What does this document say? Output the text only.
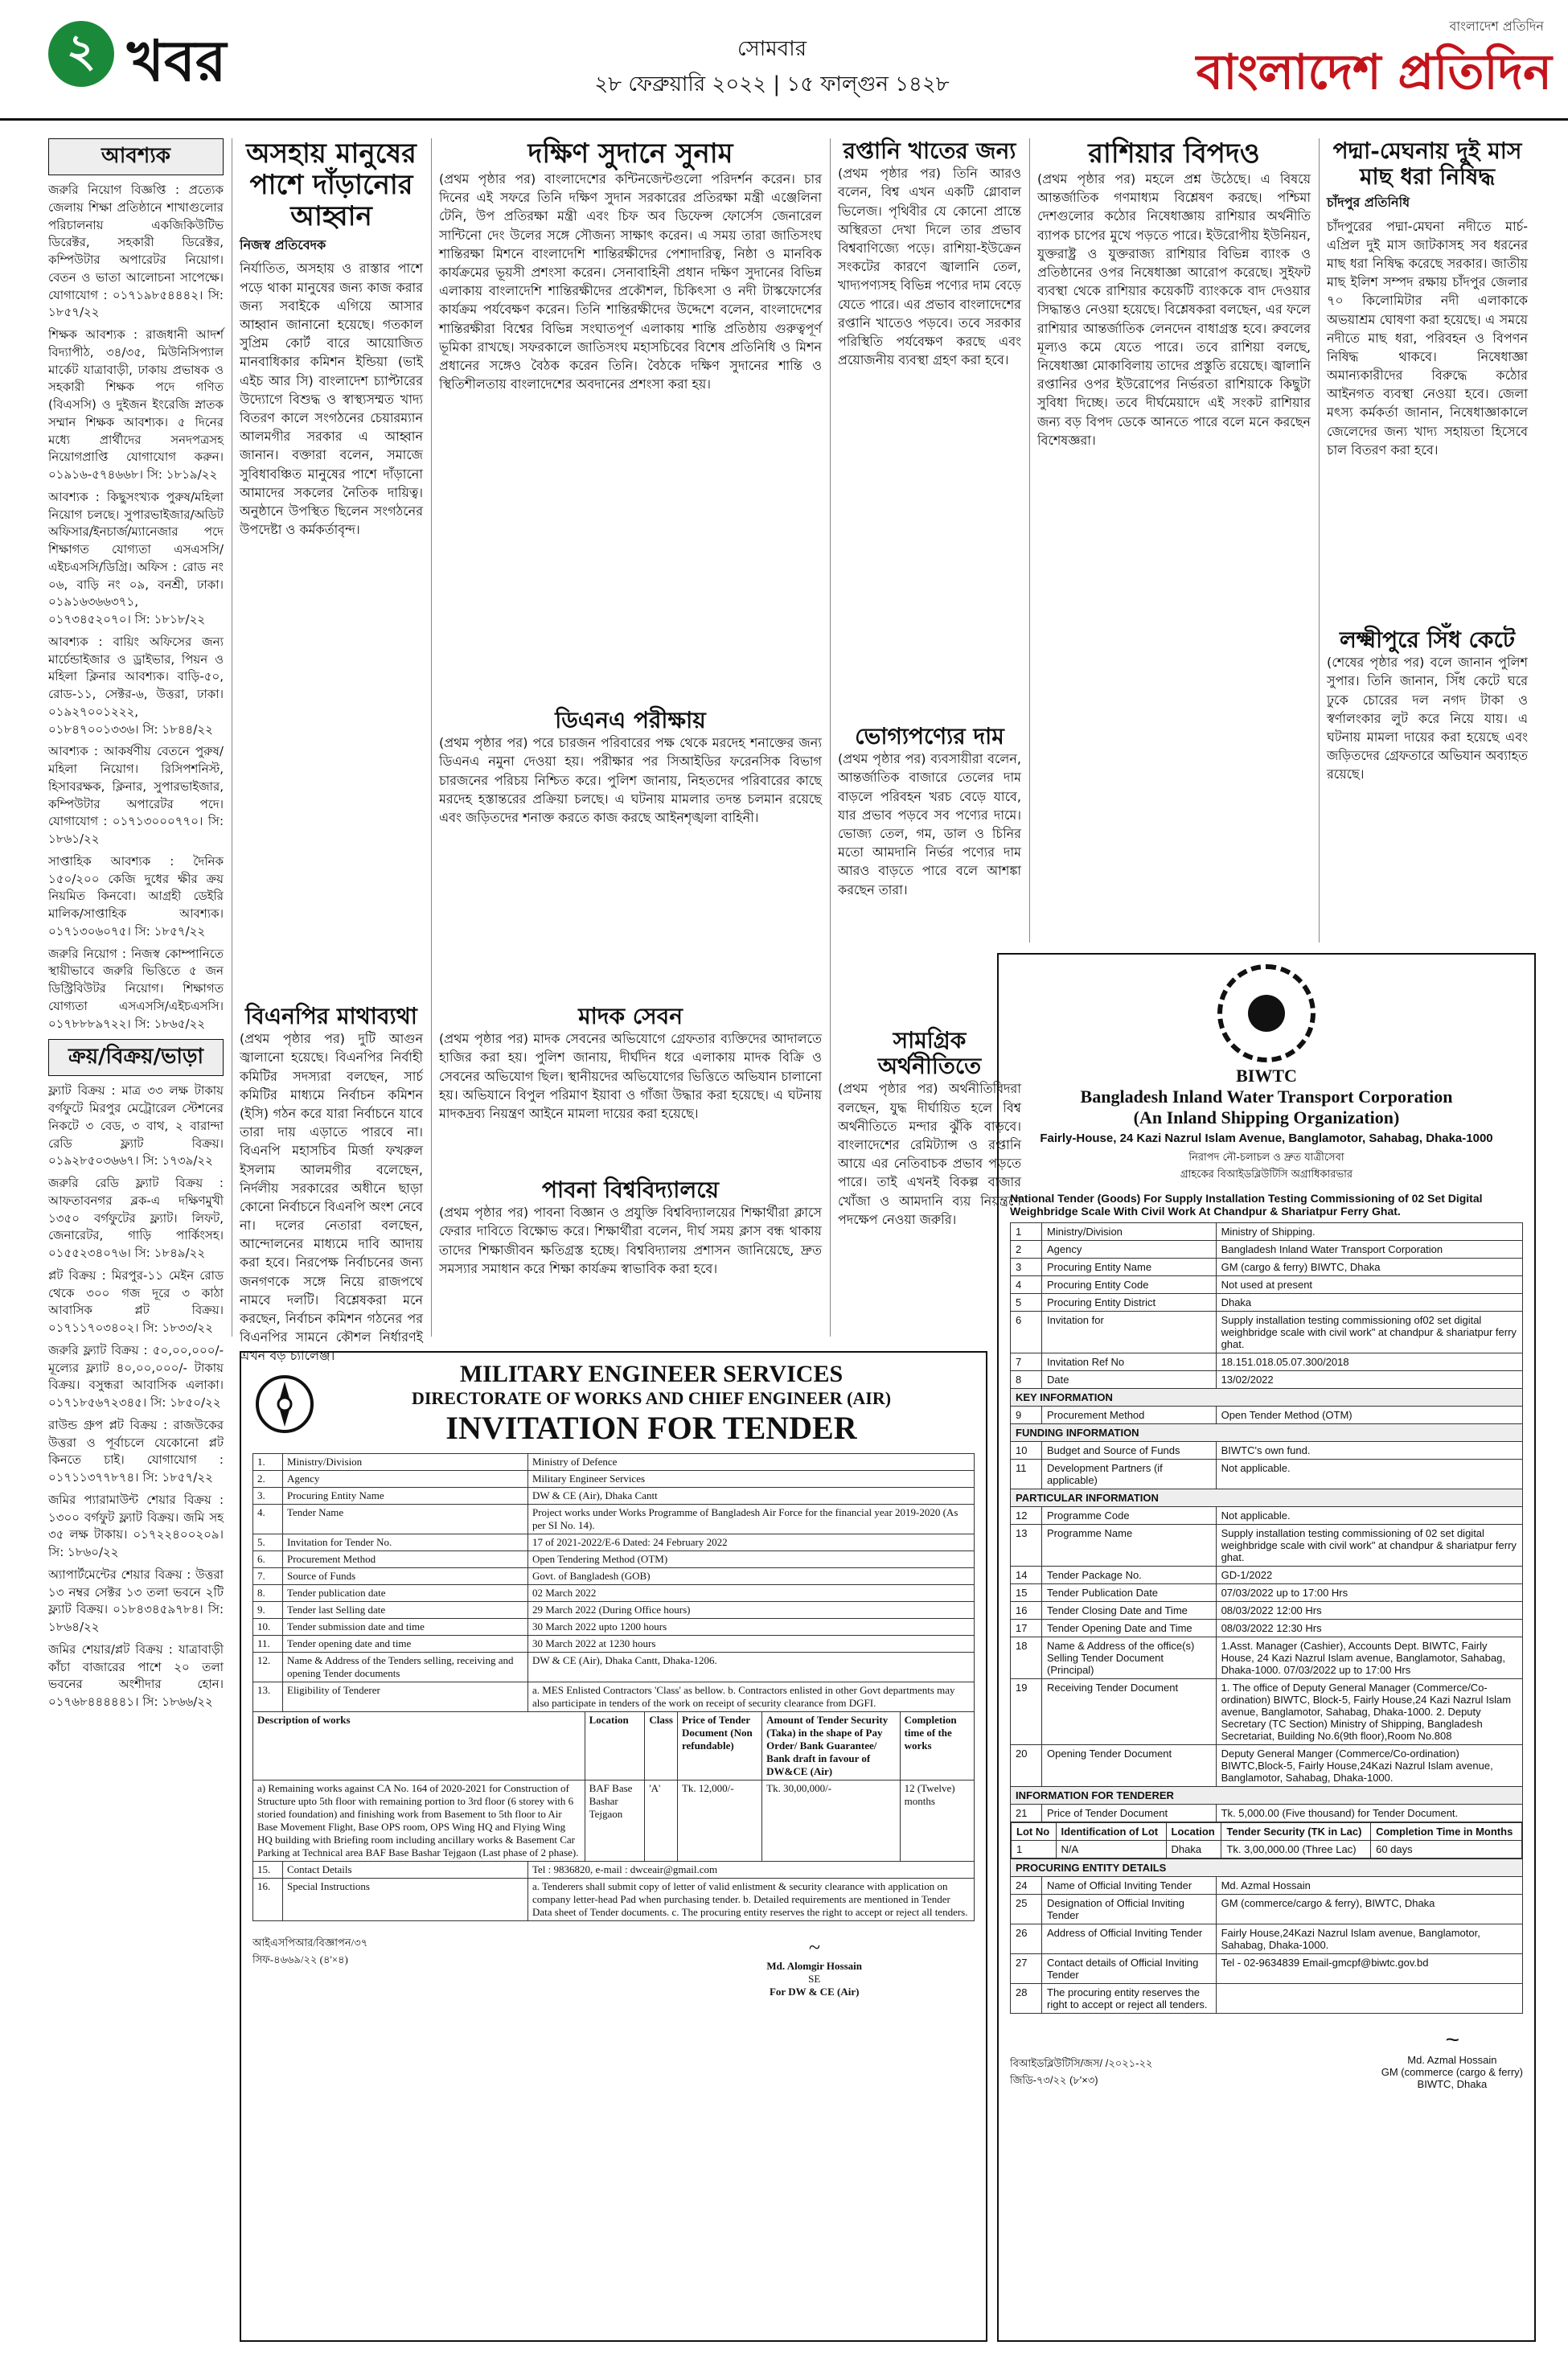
২ খবর	সোমবার
২৮ ফেব্রুয়ারি ২০২২ | ১৫ ফাল্গুন ১৪২৮
বাংলাদেশ প্রতিদিন
বাংলাদেশ প্রতিদিন
আবশ্যক

জরুরি নিয়োগ বিজ্ঞপ্তি : প্রত্যেক জেলায় শিক্ষা প্রতিষ্ঠানে শাখাগুলোর পরিচালনায় একজিকিউটিভ ডিরেক্টর, সহকারী ডিরেক্টর, কম্পিউটার অপারেটর নিয়োগ। বেতন ও ভাতা আলোচনা সাপেক্ষে। যোগাযোগ : ০১৭১৯৮৫৪৪৪২। সি: ১৮৫৭/২২

শিক্ষক আবশ্যক : রাজধানী আদর্শ বিদ্যাপীঠ, ৩৪/৩৫, মিউনিসিপ্যাল মার্কেট যাত্রাবাড়ী, ঢাকায় প্রভাষক ও সহকারী শিক্ষক পদে গণিত (বিএসসি) ও দুইজন ইংরেজি স্নাতক সম্মান শিক্ষক আবশ্যক। ৫ দিনের মধ্যে প্রার্থীদের সনদপত্রসহ নিয়োগপ্রাপ্তি যোগাযোগ করুন। ০১৯১৬-৫৭৪৬৬৮। সি: ১৮১৯/২২

আবশ্যক : কিছুসংখ্যক পুরুষ/মহিলা নিয়োগ চলছে। সুপারভাইজার/অডিট অফিসার/ইনচার্জ/ম্যানেজার পদে শিক্ষাগত যোগ্যতা এসএসসি/এইচএসসি/ডিগ্রি। অফিস : রোড নং ০৬, বাড়ি নং ০৯, বনশ্রী, ঢাকা। ০১৯১৬৩৬৬৩৭১, ০১৭৩৪৫২০৭০। সি: ১৮১৮/২২

আবশ্যক : বায়িং অফিসের জন্য মার্চেন্ডাইজার ও ড্রাইভার, পিয়ন ও মহিলা ক্লিনার আবশ্যক। বাড়ি-৫০, রোড-১১, সেক্টর-৬, উত্তরা, ঢাকা। ০১৯২৭০০১২২২, ০১৮৪৭০০১৩৩৬। সি: ১৮৪৪/২২

আবশ্যক : আকর্ষণীয় বেতনে পুরুষ/মহিলা নিয়োগ। রিসিপশনিস্ট, হিসাবরক্ষক, ক্লিনার, সুপারভাইজার, কম্পিউটার অপারেটর পদে। যোগাযোগ : ০১৭১৩০০০৭৭০। সি: ১৮৬১/২২

সাপ্তাহিক আবশ্যক : দৈনিক ১৫০/২০০ কেজি দুধের ক্ষীর ক্রয় নিয়মিত কিনবো। আগ্রহী ডেইরি মালিক/সাপ্তাহিক আবশ্যক। ০১৭১৩০৬০৭৫। সি: ১৮৫৭/২২

জরুরি নিয়োগ : নিজস্ব কোম্পানিতে স্থায়ীভাবে জরুরি ভিত্তিতে ৫ জন ডিস্ট্রিবিউটর নিয়োগ। শিক্ষাগত যোগ্যতা এসএসসি/এইচএসসি। ০১৭৮৮৮৯৭২২। সি: ১৮৬৫/২২

ক্রয়/বিক্রয়/ভাড়া

ফ্ল্যাট বিক্রয় : মাত্র ৩৩ লক্ষ টাকায় বর্গফুটে মিরপুর মেট্রোরেল স্টেশনের নিকটে ৩ বেড, ৩ বাথ, ২ বারান্দা রেডি ফ্ল্যাট বিক্রয়। ০১৯২৮৫০৩৬৬৭। সি: ১৭৩৯/২২

জরুরি রেডি ফ্ল্যাট বিক্রয় : আফতাবনগর ব্লক-এ দক্ষিণমুখী ১৩৫০ বর্গফুটের ফ্ল্যাট। লিফট, জেনারেটর, গাড়ি পার্কিংসহ। ০১৫৫২৩৪০৭৬। সি: ১৮৪৯/২২

প্লট বিক্রয় : মিরপুর-১১ মেইন রোড থেকে ৩০০ গজ দূরে ৩ কাঠা আবাসিক প্লট বিক্রয়। ০১৭১১৭০৩৪০২। সি: ১৮৩৩/২২

জরুরি ফ্ল্যাট বিক্রয় : ৫০,০০,০০০/- মূল্যের ফ্ল্যাট ৪০,০০,০০০/- টাকায় বিক্রয়। বসুন্ধরা আবাসিক এলাকা। ০১৭১৮৫৬৭২৩৪৫। সি: ১৮৫০/২২

রাউন্ড গ্রুপ প্লট বিক্রয় : রাজউকের উত্তরা ও পূর্বাচলে যেকোনো প্লট কিনতে চাই। যোগাযোগ : ০১৭১১৩৭৭৮৭৪। সি: ১৮৫৭/২২

জমির প্যারামাউন্ট শেয়ার বিক্রয় : ১৩০০ বর্গফুট ফ্ল্যাট বিক্রয়। জমি সহ ৩৫ লক্ষ টাকায়। ০১৭২২৪০০২০৯। সি: ১৮৬০/২২

অ্যাপার্টমেন্টের শেয়ার বিক্রয় : উত্তরা ১৩ নম্বর সেক্টর ১৩ তলা ভবনে ২টি ফ্ল্যাট বিক্রয়। ০১৮৪৩৪৫৯৭৮৪। সি: ১৮৬৪/২২

জমির শেয়ার/প্লট বিক্রয় : যাত্রাবাড়ী কাঁচা বাজারের পাশে ২০ তলা ভবনের অংশীদার হোন। ০১৭৬৮৪৪৪৪৪১। সি: ১৮৬৬/২২

অসহায় মানুষের পাশে দাঁড়ানোর আহ্বান
নিজস্ব প্রতিবেদক

নির্যাতিত, অসহায় ও রাস্তার পাশে পড়ে থাকা মানুষের জন্য কাজ করার জন্য সবাইকে এগিয়ে আসার আহ্বান জানানো হয়েছে। গতকাল সুপ্রিম কোর্ট বারে আয়োজিত মানবাধিকার কমিশন ইন্ডিয়া (ভাই এইচ আর সি) বাংলাদেশ চ্যাপ্টারের উদ্যোগে বিশুদ্ধ ও স্বাস্থ্যসম্মত খাদ্য বিতরণ কালে সংগঠনের চেয়ারম্যান আলমগীর সরকার এ আহ্বান জানান। বক্তারা বলেন, সমাজে সুবিধাবঞ্চিত মানুষের পাশে দাঁড়ানো আমাদের সকলের নৈতিক দায়িত্ব। অনুষ্ঠানে উপস্থিত ছিলেন সংগঠনের উপদেষ্টা ও কর্মকর্তাবৃন্দ।

বিএনপির মাথাব্যথা

(প্রথম পৃষ্ঠার পর) দুটি আগুন জ্বালানো হয়েছে। বিএনপির নির্বাহী কমিটির সদস্যরা বলছেন, সার্চ কমিটির মাধ্যমে নির্বাচন কমিশন (ইসি) গঠন করে যারা নির্বাচনে যাবে তারা দায় এড়াতে পারবে না। বিএনপি মহাসচিব মির্জা ফখরুল ইসলাম আলমগীর বলেছেন, নির্দলীয় সরকারের অধীনে ছাড়া কোনো নির্বাচনে বিএনপি অংশ নেবে না। দলের নেতারা বলছেন, আন্দোলনের মাধ্যমে দাবি আদায় করা হবে। নিরপেক্ষ নির্বাচনের জন্য জনগণকে সঙ্গে নিয়ে রাজপথে নামবে দলটি। বিশ্লেষকরা মনে করছেন, নির্বাচন কমিশন গঠনের পর বিএনপির সামনে কৌশল নির্ধারণই এখন বড় চ্যালেঞ্জ।

দক্ষিণ সুদানে সুনাম

(প্রথম পৃষ্ঠার পর) বাংলাদেশের কন্টিনজেন্টগুলো পরিদর্শন করেন। চার দিনের এই সফরে তিনি দক্ষিণ সুদান সরকারের প্রতিরক্ষা মন্ত্রী এঞ্জেলিনা টেনি, উপ প্রতিরক্ষা মন্ত্রী এবং চিফ অব ডিফেন্স ফোর্সেস জেনারেল সান্টিনো দেং উলের সঙ্গে সৌজন্য সাক্ষাৎ করেন। এ সময় তারা জাতিসংঘ শান্তিরক্ষা মিশনে বাংলাদেশি শান্তিরক্ষীদের পেশাদারিত্ব, নিষ্ঠা ও মানবিক কার্যক্রমের ভূয়সী প্রশংসা করেন। সেনাবাহিনী প্রধান দক্ষিণ সুদানের বিভিন্ন এলাকায় বাংলাদেশি শান্তিরক্ষীদের প্রকৌশল, চিকিৎসা ও নদী টাস্কফোর্সের কার্যক্রম পর্যবেক্ষণ করেন। তিনি শান্তিরক্ষীদের উদ্দেশে বলেন, বাংলাদেশের শান্তিরক্ষীরা বিশ্বের বিভিন্ন সংঘাতপূর্ণ এলাকায় শান্তি প্রতিষ্ঠায় গুরুত্বপূর্ণ ভূমিকা রাখছে। সফরকালে জাতিসংঘ মহাসচিবের বিশেষ প্রতিনিধি ও মিশন প্রধানের সঙ্গেও বৈঠক করেন তিনি। বৈঠকে দক্ষিণ সুদানের শান্তি ও স্থিতিশীলতায় বাংলাদেশের অবদানের প্রশংসা করা হয়।

ডিএনএ পরীক্ষায়

(প্রথম পৃষ্ঠার পর) পরে চারজন পরিবারের পক্ষ থেকে মরদেহ শনাক্তের জন্য ডিএনএ নমুনা দেওয়া হয়। পরীক্ষার পর সিআইডির ফরেনসিক বিভাগ চারজনের পরিচয় নিশ্চিত করে। পুলিশ জানায়, নিহতদের পরিবারের কাছে মরদেহ হস্তান্তরের প্রক্রিয়া চলছে। এ ঘটনায় মামলার তদন্ত চলমান রয়েছে এবং জড়িতদের শনাক্ত করতে কাজ করছে আইনশৃঙ্খলা বাহিনী।

মাদক সেবন

(প্রথম পৃষ্ঠার পর) মাদক সেবনের অভিযোগে গ্রেফতার ব্যক্তিদের আদালতে হাজির করা হয়। পুলিশ জানায়, দীর্ঘদিন ধরে এলাকায় মাদক বিক্রি ও সেবনের অভিযোগ ছিল। স্থানীয়দের অভিযোগের ভিত্তিতে অভিযান চালানো হয়। অভিযানে বিপুল পরিমাণ ইয়াবা ও গাঁজা উদ্ধার করা হয়েছে। এ ঘটনায় মাদকদ্রব্য নিয়ন্ত্রণ আইনে মামলা দায়ের করা হয়েছে।

পাবনা বিশ্ববিদ্যালয়ে

(প্রথম পৃষ্ঠার পর) পাবনা বিজ্ঞান ও প্রযুক্তি বিশ্ববিদ্যালয়ের শিক্ষার্থীরা ক্লাসে ফেরার দাবিতে বিক্ষোভ করে। শিক্ষার্থীরা বলেন, দীর্ঘ সময় ক্লাস বন্ধ থাকায় তাদের শিক্ষাজীবন ক্ষতিগ্রস্ত হচ্ছে। বিশ্ববিদ্যালয় প্রশাসন জানিয়েছে, দ্রুত সমস্যার সমাধান করে শিক্ষা কার্যক্রম স্বাভাবিক করা হবে।

রপ্তানি খাতের জন্য

(প্রথম পৃষ্ঠার পর) তিনি আরও বলেন, বিশ্ব এখন একটি গ্লোবাল ভিলেজ। পৃথিবীর যে কোনো প্রান্তে অস্থিরতা দেখা দিলে তার প্রভাব বিশ্ববাণিজ্যে পড়ে। রাশিয়া-ইউক্রেন সংকটের কারণে জ্বালানি তেল, খাদ্যপণ্যসহ বিভিন্ন পণ্যের দাম বেড়ে যেতে পারে। এর প্রভাব বাংলাদেশের রপ্তানি খাতেও পড়বে। তবে সরকার পরিস্থিতি পর্যবেক্ষণ করছে এবং প্রয়োজনীয় ব্যবস্থা গ্রহণ করা হবে।

ভোগ্যপণ্যের দাম

(প্রথম পৃষ্ঠার পর) ব্যবসায়ীরা বলেন, আন্তর্জাতিক বাজারে তেলের দাম বাড়লে পরিবহন খরচ বেড়ে যাবে, যার প্রভাব পড়বে সব পণ্যের দামে। ভোজ্য তেল, গম, ডাল ও চিনির মতো আমদানি নির্ভর পণ্যের দাম আরও বাড়তে পারে বলে আশঙ্কা করছেন তারা।

সামগ্রিক অর্থনীতিতে

(প্রথম পৃষ্ঠার পর) অর্থনীতিবিদরা বলছেন, যুদ্ধ দীর্ঘায়িত হলে বিশ্ব অর্থনীতিতে মন্দার ঝুঁকি বাড়বে। বাংলাদেশের রেমিট্যান্স ও রপ্তানি আয়ে এর নেতিবাচক প্রভাব পড়তে পারে। তাই এখনই বিকল্প বাজার খোঁজা ও আমদানি ব্যয় নিয়ন্ত্রণে পদক্ষেপ নেওয়া জরুরি।

রাশিয়ার বিপদও

(প্রথম পৃষ্ঠার পর) মহলে প্রশ্ন উঠেছে। এ বিষয়ে আন্তর্জাতিক গণমাধ্যম বিশ্লেষণ করছে। পশ্চিমা দেশগুলোর কঠোর নিষেধাজ্ঞায় রাশিয়ার অর্থনীতি ব্যাপক চাপের মুখে পড়তে পারে। ইউরোপীয় ইউনিয়ন, যুক্তরাষ্ট্র ও যুক্তরাজ্য রাশিয়ার বিভিন্ন ব্যাংক ও প্রতিষ্ঠানের ওপর নিষেধাজ্ঞা আরোপ করেছে। সুইফট ব্যবস্থা থেকে রাশিয়ার কয়েকটি ব্যাংককে বাদ দেওয়ার সিদ্ধান্তও নেওয়া হয়েছে। বিশ্লেষকরা বলছেন, এর ফলে রাশিয়ার আন্তর্জাতিক লেনদেন বাধাগ্রস্ত হবে। রুবলের মূল্যও কমে যেতে পারে। তবে রাশিয়া বলছে, নিষেধাজ্ঞা মোকাবিলায় তাদের প্রস্তুতি রয়েছে। জ্বালানি রপ্তানির ওপর ইউরোপের নির্ভরতা রাশিয়াকে কিছুটা সুবিধা দিচ্ছে। তবে দীর্ঘমেয়াদে এই সংকট রাশিয়ার জন্য বড় বিপদ ডেকে আনতে পারে বলে মনে করছেন বিশেষজ্ঞরা।

পদ্মা-মেঘনায় দুই মাস মাছ ধরা নিষিদ্ধ
চাঁদপুর প্রতিনিধি

চাঁদপুরের পদ্মা-মেঘনা নদীতে মার্চ-এপ্রিল দুই মাস জাটকাসহ সব ধরনের মাছ ধরা নিষিদ্ধ করেছে সরকার। জাতীয় মাছ ইলিশ সম্পদ রক্ষায় চাঁদপুর জেলার ৭০ কিলোমিটার নদী এলাকাকে অভয়াশ্রম ঘোষণা করা হয়েছে। এ সময়ে নদীতে মাছ ধরা, পরিবহন ও বিপণন নিষিদ্ধ থাকবে। নিষেধাজ্ঞা অমান্যকারীদের বিরুদ্ধে কঠোর আইনগত ব্যবস্থা নেওয়া হবে। জেলা মৎস্য কর্মকর্তা জানান, নিষেধাজ্ঞাকালে জেলেদের জন্য খাদ্য সহায়তা হিসেবে চাল বিতরণ করা হবে।

লক্ষ্মীপুরে সিঁধ কেটে

(শেষের পৃষ্ঠার পর) বলে জানান পুলিশ সুপার। তিনি জানান, সিঁধ কেটে ঘরে ঢুকে চোরের দল নগদ টাকা ও স্বর্ণালংকার লুট করে নিয়ে যায়। এ ঘটনায় মামলা দায়ের করা হয়েছে এবং জড়িতদের গ্রেফতারে অভিযান অব্যাহত রয়েছে।

MILITARY ENGINEER SERVICES
DIRECTORATE OF WORKS AND CHIEF ENGINEER (AIR)
INVITATION FOR TENDER
1.	Ministry/Division	Ministry of Defence
2.	Agency	Military Engineer Services
3.	Procuring Entity Name	DW & CE (Air), Dhaka Cantt
4.	Tender Name	Project works under Works Programme of Bangladesh Air Force for the financial year 2019-2020 (As per SI No. 14).
5.	Invitation for Tender No.	17 of 2021-2022/E-6 Dated: 24 February 2022
6.	Procurement Method	Open Tendering Method (OTM)
7.	Source of Funds	Govt. of Bangladesh (GOB)
8.	Tender publication date	02 March 2022
9.	Tender last Selling date	29 March 2022 (During Office hours)
10.	Tender submission date and time	30 March 2022 upto 1200 hours
11.	Tender opening date and time	30 March 2022 at 1230 hours
12.	Name & Address of the Tenders selling, receiving and opening Tender documents	DW & CE (Air), Dhaka Cantt, Dhaka-1206.
13.	Eligibility of Tenderer	a. MES Enlisted Contractors 'Class' as bellow. b. Contractors enlisted in other Govt departments may also participate in tenders of the work on receipt of security clearance from DGFI.
Description of works	Location	Class	Price of Tender Document (Non refundable)	Amount of Tender Security (Taka) in the shape of Pay Order/ Bank Guarantee/ Bank draft in favour of DW&CE (Air)	Completion time of the works
a) Remaining works against CA No. 164 of 2020-2021 for Construction of Structure upto 5th floor with remaining portion to 3rd floor (6 storey with 6 storied foundation) and finishing work from Basement to 5th floor to Air Base Movement Flight, Base OPS room, OPS Wing HQ and Flying Wing HQ building with Briefing room including ancillary works & Basement Car Parking at Technical area BAF Base Bashar Tejgaon (Last phase of 2 phase).	BAF Base Bashar Tejgaon	'A'	Tk. 12,000/-	Tk. 30,00,000/-	12 (Twelve) months
15.	Contact Details	Tel : 9836820, e-mail : dwceair@gmail.com
16.	Special Instructions	a. Tenderers shall submit copy of letter of valid enlistment & security clearance with application on company letter-head Pad when purchasing tender. b. Detailed requirements are mentioned in Tender Data sheet of Tender documents. c. The procuring entity reserves the right to accept or reject all tenders.
আইএসপিআর/বিজ্ঞাপন/৩৭
সিফ-৪৬৬৯/২২ (৪'×৪)
~
Md. Alomgir Hossain
SE
For DW & CE (Air)
BIWTC
Bangladesh Inland Water Transport Corporation
(An Inland Shipping Organization)
Fairly-House, 24 Kazi Nazrul Islam Avenue, Banglamotor, Sahabag, Dhaka-1000
নিরাপদ নৌ-চলাচল ও দ্রুত যাত্রীসেবা
গ্রাহকের বিআইডব্লিউটিসি অগ্রাধিকারভার
National Tender (Goods) For Supply Installation Testing Commissioning of 02 Set Digital Weighbridge Scale With Civil Work At Chandpur & Shariatpur Ferry Ghat.
1	Ministry/Division	Ministry of Shipping.
2	Agency	Bangladesh Inland Water Transport Corporation
3	Procuring Entity Name	GM (cargo & ferry) BIWTC, Dhaka
4	Procuring Entity Code	Not used at present
5	Procuring Entity District	Dhaka
6	Invitation for	Supply installation testing commissioning of02 set digital weighbridge scale with civil work" at chandpur & shariatpur ferry ghat.
7	Invitation Ref No	18.151.018.05.07.300/2018
8	Date	13/02/2022
KEY INFORMATION
9	Procurement Method	Open Tender Method (OTM)
FUNDING INFORMATION
10	Budget and Source of Funds	BIWTC's own fund.
11	Development Partners (if applicable)	Not applicable.
PARTICULAR INFORMATION
12	Programme Code	Not applicable.
13	Programme Name	Supply installation testing commissioning of 02 set digital weighbridge scale with civil work" at chandpur & shariatpur ferry ghat.
14	Tender Package No.	GD-1/2022
15	Tender Publication Date	07/03/2022 up to 17:00 Hrs
16	Tender Closing Date and Time	08/03/2022 12:00 Hrs
17	Tender Opening Date and Time	08/03/2022 12:30 Hrs
18	Name & Address of the office(s) Selling Tender Document (Principal)	1.Asst. Manager (Cashier), Accounts Dept. BIWTC, Fairly House, 24 Kazi Nazrul Islam avenue, Banglamotor, Sahabag, Dhaka-1000. 07/03/2022 up to 17:00 Hrs
19	Receiving Tender Document	1. The office of Deputy General Manager (Commerce/Co-ordination) BIWTC, Block-5, Fairly House,24 Kazi Nazrul Islam avenue, Banglamotor, Sahabag, Dhaka-1000. 2. Deputy Secretary (TC Section) Ministry of Shipping, Bangladesh Secretariat, Building No.6(9th floor),Room No.808
20	Opening Tender Document	Deputy General Manger (Commerce/Co-ordination) BIWTC,Block-5, Fairly House,24Kazi Nazrul Islam avenue, Banglamotor, Sahabag, Dhaka-1000.
INFORMATION FOR TENDERER
21	Price of Tender Document	Tk. 5,000.00 (Five thousand) for Tender Document.

Lot No	Identification of Lot	Location	Tender Security (TK in Lac)	Completion Time in Months
1	N/A	Dhaka	Tk. 3,00,000.00 (Three Lac)	60 days

PROCURING ENTITY DETAILS
24	Name of Official Inviting Tender	Md. Azmal Hossain
25	Designation of Official Inviting Tender	GM (commerce/cargo & ferry), BIWTC, Dhaka
26	Address of Official Inviting Tender	Fairly House,24Kazi Nazrul Islam avenue, Banglamotor, Sahabag, Dhaka-1000.
27	Contact details of Official Inviting Tender	Tel - 02-9634839 Email-gmcpf@biwtc.gov.bd
28	The procuring entity reserves the right to accept or reject all tenders.	
বিআইডব্লিউটিসি/জস/ /২০২১-২২
জিডি-৭৩/২২ (৮'×৩)
~
Md. Azmal Hossain
GM (commerce (cargo & ferry)
BIWTC, Dhaka
